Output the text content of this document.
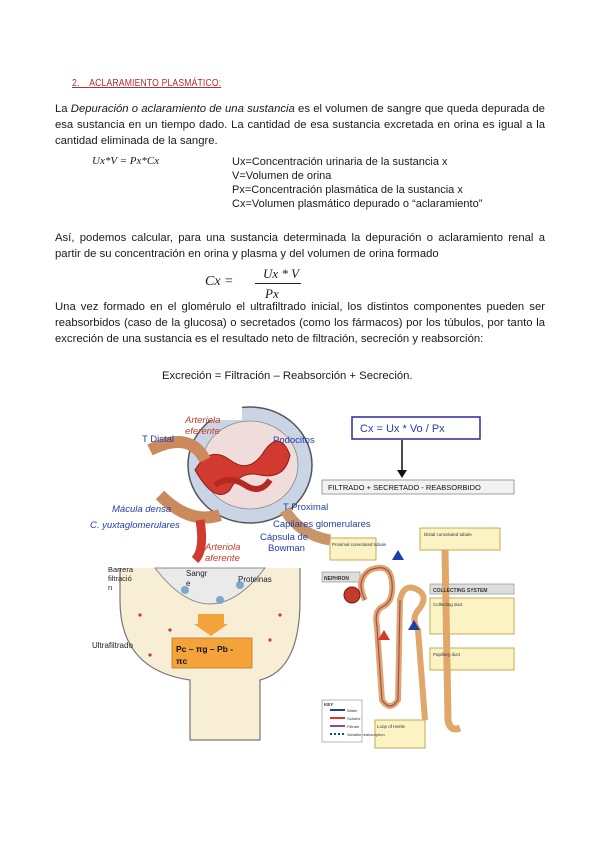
2. ACLARAMIENTO PLASMÁTICO:
La Depuración o aclaramiento de una sustancia es el volumen de sangre que queda depurada de esa sustancia en un tiempo dado. La cantidad de esa sustancia excretada en orina es igual a la cantidad eliminada de la sangre.
Ux*V = Px*Cx	Ux=Concentración urinaria de la sustancia x
V=Volumen de orina
Px=Concentración plasmática de la sustancia x
Cx=Volumen plasmático depurado o “aclaramiento”
Así, podemos calcular, para una sustancia determinada la depuración o aclaramiento renal a partir de su concentración en orina y plasma y del volumen de orina formado
Cx =
Ux * V
Px
Una vez formado en el glomérulo el ultrafiltrado inicial, los distintos componentes pueden ser reabsorbidos (caso de la glucosa) o secretados (como los fármacos) por los túbulos, por tanto la excreción de una sustancia es el resultado neto de filtración, secreción y reabsorción:
Excreción = Filtración – Reabsorción + Secreción.
Arteriola
eferente
T Distal	Podocitos
Mácula densa
C. yuxtaglomerulares
T Proximal
Capilares glomerulares
Cápsula de
Bowman
Arteriola
aferente
Cx = Ux * Vo / Px
FILTRADO + SECRETADO - REABSORBIDO
Barrera
filtració
n
Sangr
e	Proteinas
Ultrafiltrado	Pc – πg – Pb -
πc
Proximal convoluted tubule
Distal convoluted tubule
NEPHRON
COLLECTING SYSTEM
Collecting duct
Papillary duct
Loop of Henle
KEY
Water
Solutes
Filtrate
Variable reabsorption
